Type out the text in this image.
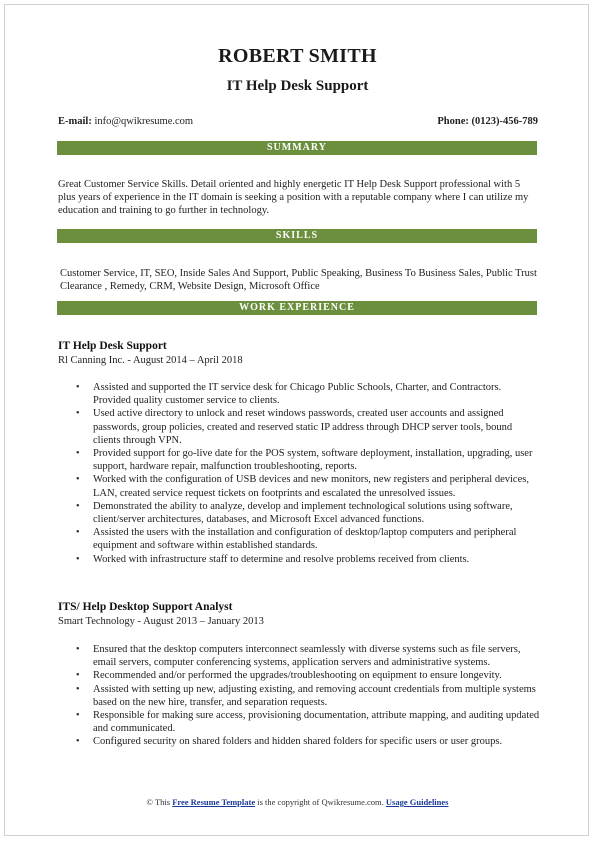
ROBERT SMITH
IT Help Desk Support
E-mail: info@qwikresume.com	Phone: (0123)-456-789
SUMMARY
Great Customer Service Skills. Detail oriented and highly energetic IT Help Desk Support professional with 5 plus years of experience in the IT domain is seeking a position with a reputable company where I can utilize my education and training to go further in technology.
SKILLS
Customer Service, IT, SEO, Inside Sales And Support, Public Speaking, Business To Business Sales, Public Trust Clearance , Remedy, CRM, Website Design, Microsoft Office
WORK EXPERIENCE
IT Help Desk Support
Rl Canning Inc. - August 2014 – April 2018
• Assisted and supported the IT service desk for Chicago Public Schools, Charter, and Contractors. Provided quality customer service to clients.
• Used active directory to unlock and reset windows passwords, created user accounts and assigned passwords, group policies, created and reserved static IP address through DHCP server tools, bound clients through VPN.
• Provided support for go-live date for the POS system, software deployment, installation, upgrading, user support, hardware repair, malfunction troubleshooting, reports.
• Worked with the configuration of USB devices and new monitors, new registers and peripheral devices, LAN, created service request tickets on footprints and escalated the unresolved issues.
• Demonstrated the ability to analyze, develop and implement technological solutions using software, client/server architectures, databases, and Microsoft Excel advanced functions.
• Assisted the users with the installation and configuration of desktop/laptop computers and peripheral equipment and software within established standards.
• Worked with infrastructure staff to determine and resolve problems received from clients.
ITS/ Help Desktop Support Analyst
Smart Technology - August 2013 – January 2013
• Ensured that the desktop computers interconnect seamlessly with diverse systems such as file servers, email servers, computer conferencing systems, application servers and administrative systems.
• Recommended and/or performed the upgrades/troubleshooting on equipment to ensure longevity.
• Assisted with setting up new, adjusting existing, and removing account credentials from multiple systems based on the new hire, transfer, and separation requests.
• Responsible for making sure access, provisioning documentation, attribute mapping, and auditing updated and communicated.
• Configured security on shared folders and hidden shared folders for specific users or user groups.
© This Free Resume Template is the copyright of Qwikresume.com. Usage Guidelines
